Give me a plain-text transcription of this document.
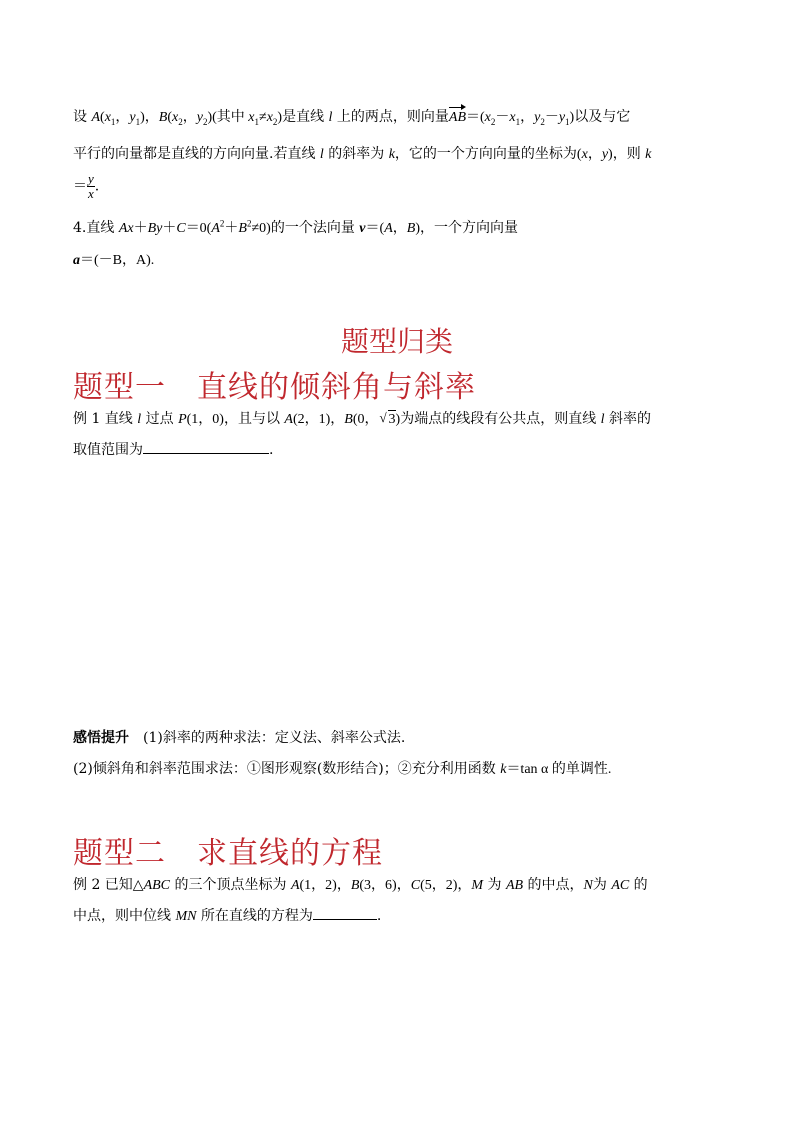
设 $A(x_1$，$y_1$)，$B(x_2$，$y_2$)(其中 $x_1\ne x_2$)是直线 l 上的两点，则向量$AB=(x_2-x_1$，$y_2-y_1$)以及与它
平行的向量都是直线的方向向量.若直线 l 的斜率为 k，它的一个方向向量的坐标为(x，y)，则 k
＝ $\frac{y}{x}$ .
4.直线 $Ax+By+C=0(A^2+B^2\ne 0)$的一个法向量 v＝(A，B)，一个方向向量
a＝(－B，A).
题型归类
题型一　直线的倾斜角与斜率
例 1 直线 l 过点 P(1，0)，且与以 A(2，1)，B(0，√ 3)为端点的线段有公共点，则直线 l 斜率的
取值范围为	.
感悟提升　(1)斜率的两种求法：定义法、斜率公式法.
(2)倾斜角和斜率范围求法：①图形观察(数形结合)；②充分利用函数 k＝tan α 的单调性.
题型二　求直线的方程
例 2 已知△ABC 的三个顶点坐标为 A(1，2)，B(3，6)，C(5，2)，M 为 AB 的中点，N为 AC 的
中点，则中位线 MN 所在直线的方程为	.
